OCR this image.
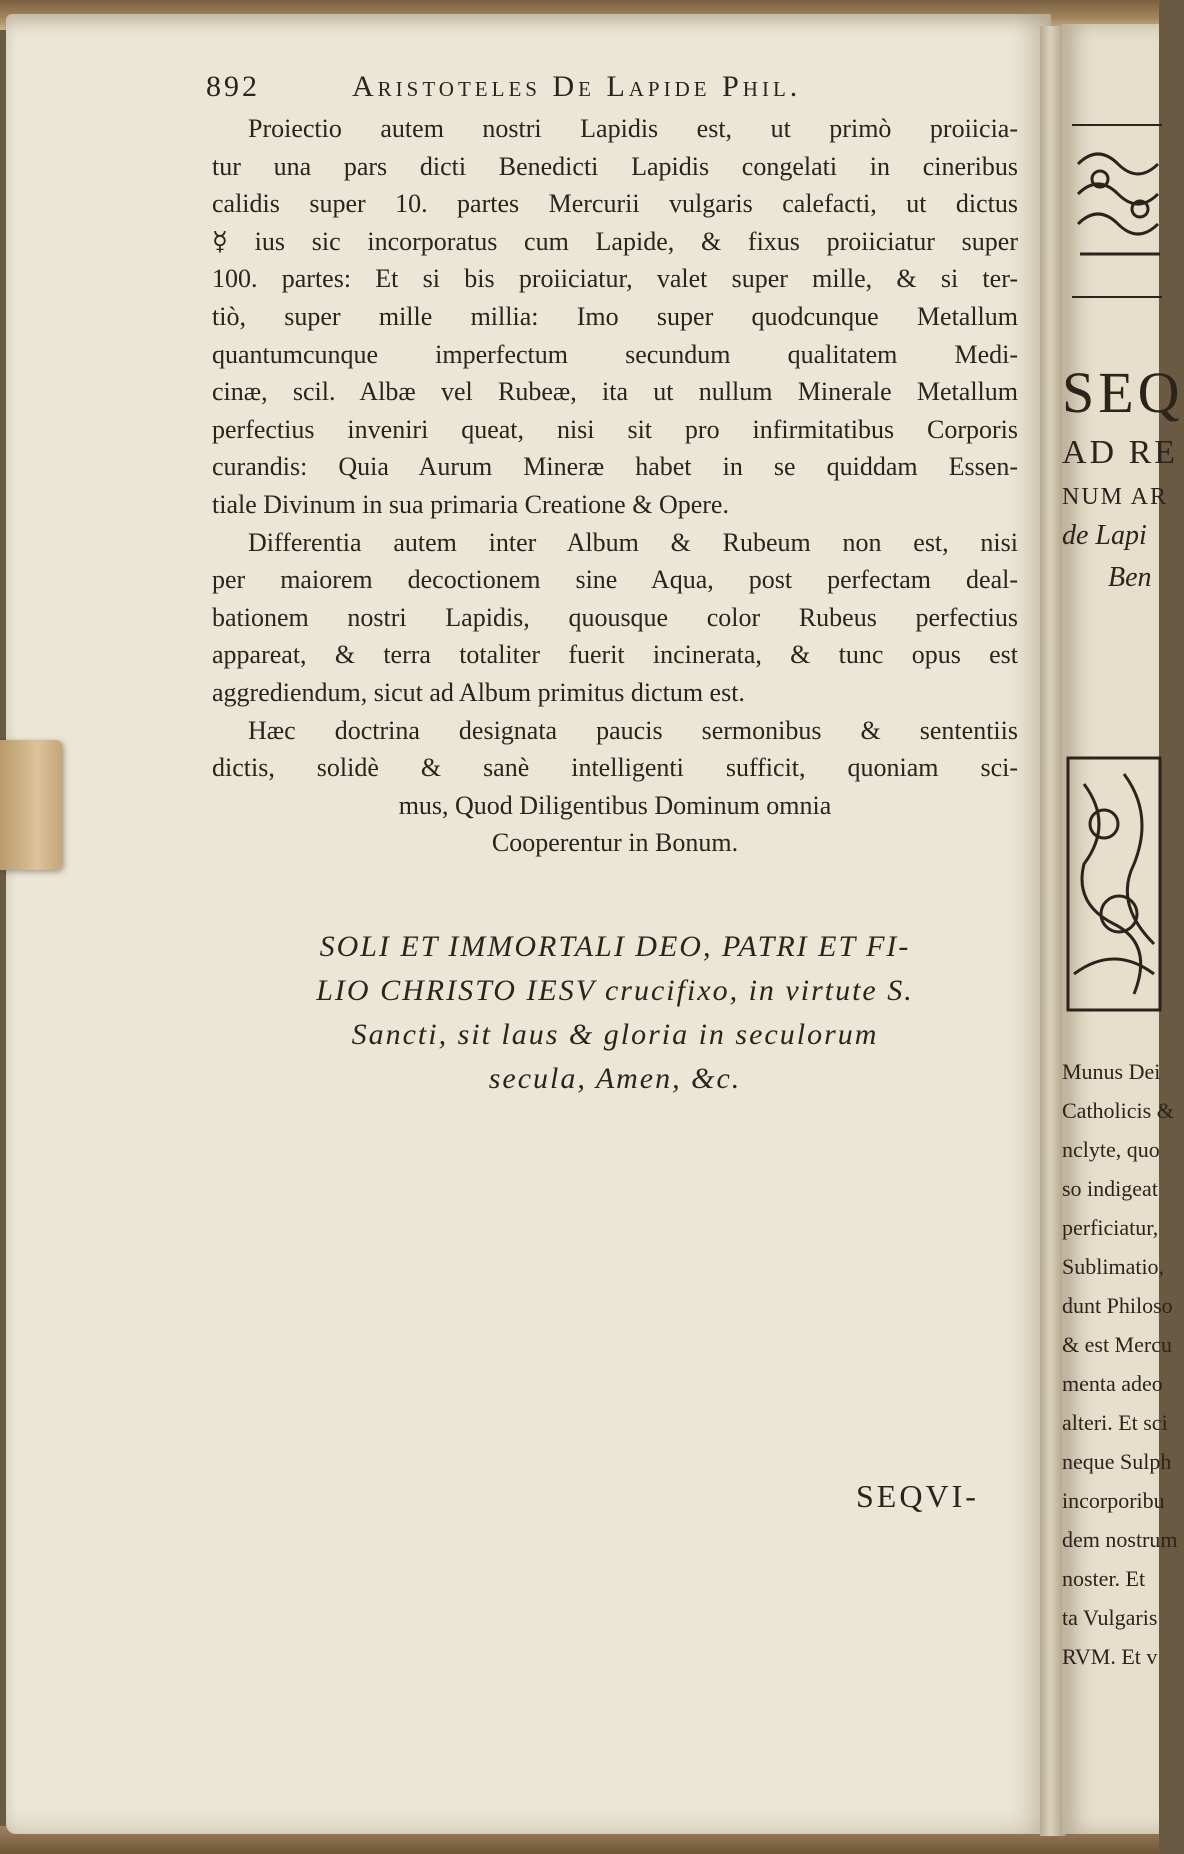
892	Aristoteles De Lapide Phil.
Proiectio autem nostri Lapidis est, ut primò proiicia-
tur una pars dicti Benedicti Lapidis congelati in cineribus
calidis super 10. partes Mercurii vulgaris calefacti, ut dictus
☿ ius sic incorporatus cum Lapide, & fixus proiiciatur super
100. partes: Et si bis proiiciatur, valet super mille, & si ter-
tiò, super mille millia: Imo super quodcunque Metallum
quantumcunque imperfectum secundum qualitatem Medi-
cinæ, scil. Albæ vel Rubeæ, ita ut nullum Minerale Metallum
perfectius inveniri queat, nisi sit pro infirmitatibus Corporis
curandis: Quia Aurum Mineræ habet in se quiddam Essen-
tiale Divinum in sua primaria Creatione & Opere.
Differentia autem inter Album & Rubeum non est, nisi
per maiorem decoctionem sine Aqua, post perfectam deal-
bationem nostri Lapidis, quousque color Rubeus perfectius
appareat, & terra totaliter fuerit incinerata, & tunc opus est
aggrediendum, sicut ad Album primitus dictum est.
Hæc doctrina designata paucis sermonibus & sententiis
dictis, solidè & sanè intelligenti sufficit, quoniam sci-
mus, Quod Diligentibus Dominum omnia
Cooperentur in Bonum.
SOLI ET IMMORTALI DEO, PATRI ET FI-
LIO CHRISTO IESV crucifixo, in virtute S.
Sancti, sit laus & gloria in seculorum
secula, Amen, &c.
SEQVI-
SEQ
AD RE
NUM AR
de Lapi
Ben
Munus Dei
Catholicis &
nclyte, quo
so indigeat
perficiatur,
Sublimatio,
dunt Philoso
& est Mercu
menta adeo
alteri. Et sci
neque Sulph
incorporibu
dem nostrum
noster. Et
ta Vulgaris
RVM. Et v
